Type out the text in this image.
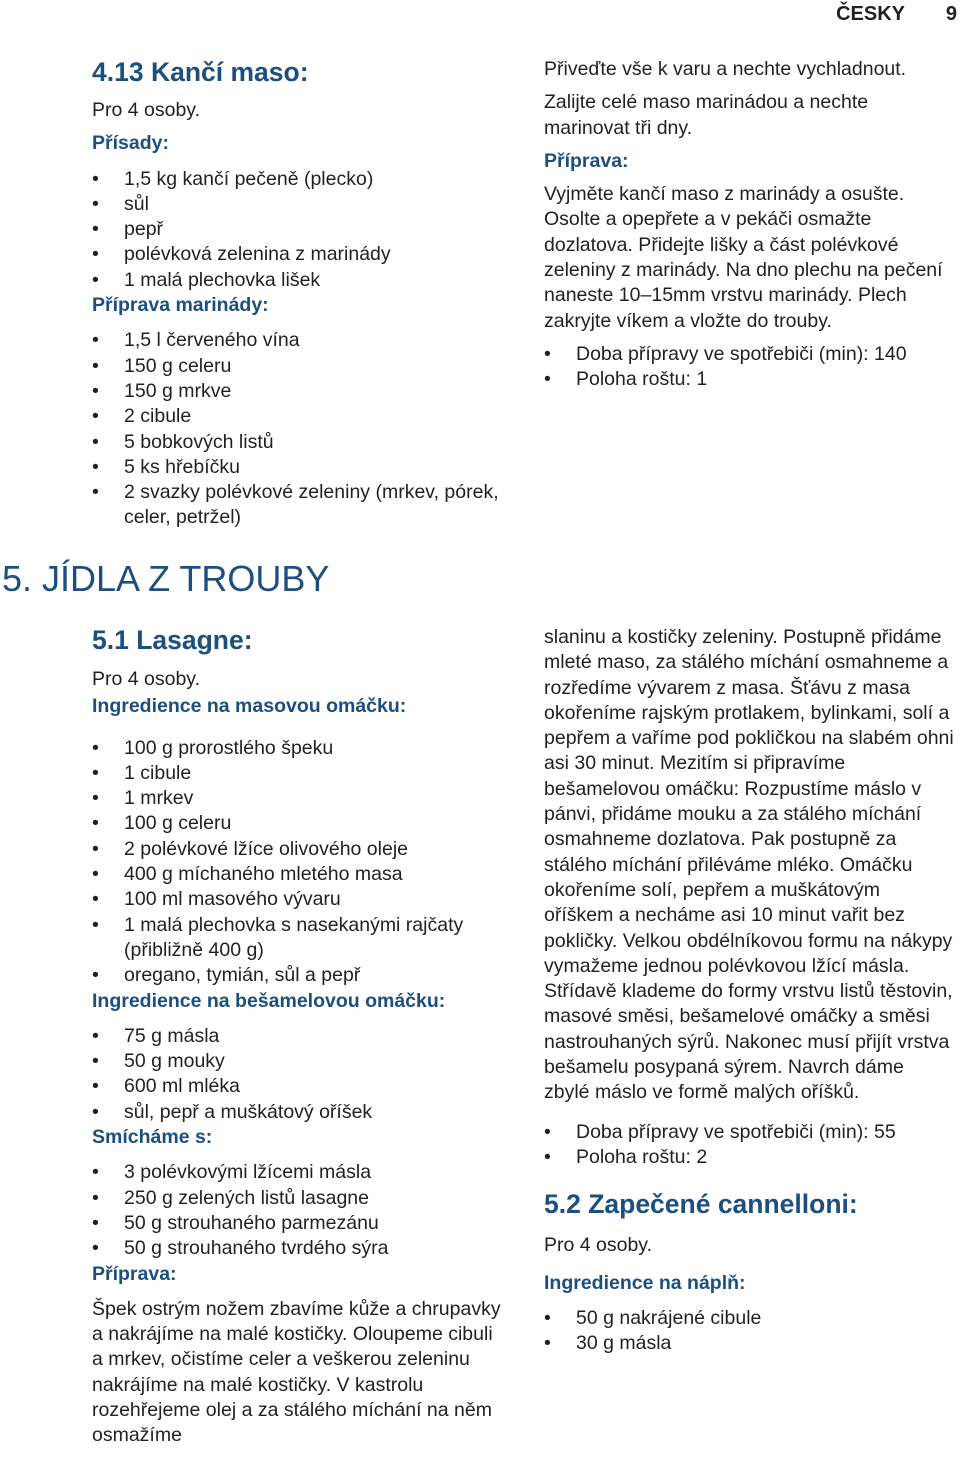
ČESKY 9
4.13 Kančí maso:

Pro 4 osoby.

Přísady:

• 1,5 kg kančí pečeně (plecko)
• sůl
• pepř
• polévková zelenina z marinády
• 1 malá plechovka lišek

Příprava marinády:

• 1,5 l červeného vína
• 150 g celeru
• 150 g mrkve
• 2 cibule
• 5 bobkových listů
• 5 ks hřebíčku
• 2 svazky polévkové zeleniny (mrkev, pórek, celer, petržel)

Přiveďte vše k varu a nechte vychladnout.

Zalijte celé maso marinádou a nechte marinovat tři dny.

Příprava:

Vyjměte kančí maso z marinády a osušte. Osolte a opepřete a v pekáči osmažte dozlatova. Přidejte lišky a část polévkové zeleniny z marinády. Na dno plechu na pečení naneste 10–15mm vrstvu marinády. Plech zakryjte víkem a vložte do trouby.

• Doba přípravy ve spotřebiči (min): 140
• Poloha roštu: 1
5. JÍDLA Z TROUBY
5.1 Lasagne:

Pro 4 osoby.

Ingredience na masovou omáčku:

• 100 g prorostlého špeku
• 1 cibule
• 1 mrkev
• 100 g celeru
• 2 polévkové lžíce olivového oleje
• 400 g míchaného mletého masa
• 100 ml masového vývaru
• 1 malá plechovka s nasekanými rajčaty (přibližně 400 g)
• oregano, tymián, sůl a pepř

Ingredience na bešamelovou omáčku:

• 75 g másla
• 50 g mouky
• 600 ml mléka
• sůl, pepř a muškátový oříšek

Smícháme s:

• 3 polévkovými lžícemi másla
• 250 g zelených listů lasagne
• 50 g strouhaného parmezánu
• 50 g strouhaného tvrdého sýra

Příprava:

Špek ostrým nožem zbavíme kůže a chrupavky a nakrájíme na malé kostičky. Oloupeme cibuli a mrkev, očistíme celer a veškerou zeleninu nakrájíme na malé kostičky. V kastrolu rozehřejeme olej a za stálého míchání na něm osmažíme

slaninu a kostičky zeleniny. Postupně přidáme mleté maso, za stálého míchání osmahneme a rozředíme vývarem z masa. Šťávu z masa okořeníme rajským protlakem, bylinkami, solí a pepřem a vaříme pod pokličkou na slabém ohni asi 30 minut. Mezitím si připravíme bešamelovou omáčku: Rozpustíme máslo v pánvi, přidáme mouku a za stálého míchání osmahneme dozlatova. Pak postupně za stálého míchání přiléváme mléko. Omáčku okořeníme solí, pepřem a muškátovým oříškem a necháme asi 10 minut vařit bez pokličky. Velkou obdélníkovou formu na nákypy vymažeme jednou polévkovou lžící másla. Střídavě klademe do formy vrstvu listů těstovin, masové směsi, bešamelové omáčky a směsi nastrouhaných sýrů. Nakonec musí přijít vrstva bešamelu posypaná sýrem. Navrch dáme zbylé máslo ve formě malých oříšků.

• Doba přípravy ve spotřebiči (min): 55
• Poloha roštu: 2
5.2 Zapečené cannelloni:

Pro 4 osoby.

Ingredience na náplň:

• 50 g nakrájené cibule
• 30 g másla
